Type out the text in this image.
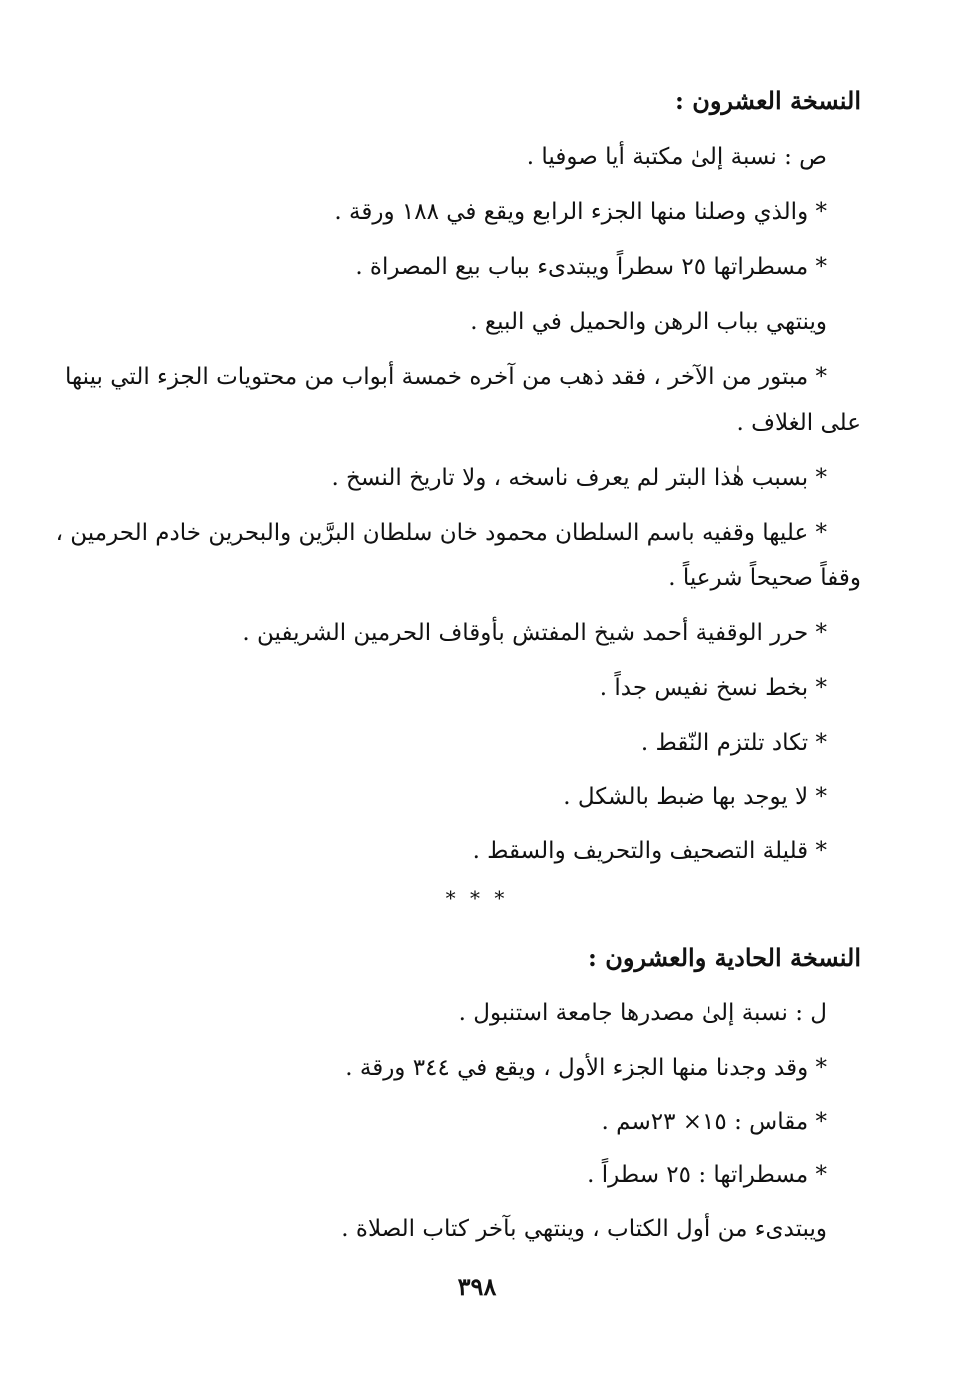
النسخة العشرون :
ص : نسبة إلىٰ مكتبة أيا صوفيا .
* والذي وصلنا منها الجزء الرابع ويقع في ١٨٨ ورقة .
* مسطراتها ٢٥ سطراً ويبتدىء بباب بيع المصراة .
وينتهي بباب الرهن والحميل في البيع .
* مبتور من الآخر ، فقد ذهب من آخره خمسة أبواب من محتويات الجزء التي بينها
على الغلاف .
* بسبب هٰذا البتر لم يعرف ناسخه ، ولا تاريخ النسخ .
* عليها وقفيه باسم السلطان محمود خان سلطان البرَّين والبحرين خادم الحرمين ،
وقفاً صحيحاً شرعياً .
* حرر الوقفية أحمد شيخ المفتش بأوقاف الحرمين الشريفين .
* بخط نسخ نفيس جداً .
* تكاد تلتزم النّقط .
* لا يوجد بها ضبط بالشكل .
* قليلة التصحيف والتحريف والسقط .
* * *
النسخة الحادية والعشرون :
ل : نسبة إلىٰ مصدرها جامعة استنبول .
* وقد وجدنا منها الجزء الأول ، ويقع في ٣٤٤ ورقة .
* مقاس : ١٥× ٢٣سم .
* مسطراتها : ٢٥ سطراً .
ويبتدىء من أول الكتاب ، وينتهي بآخر كتاب الصلاة .
٣٩٨
